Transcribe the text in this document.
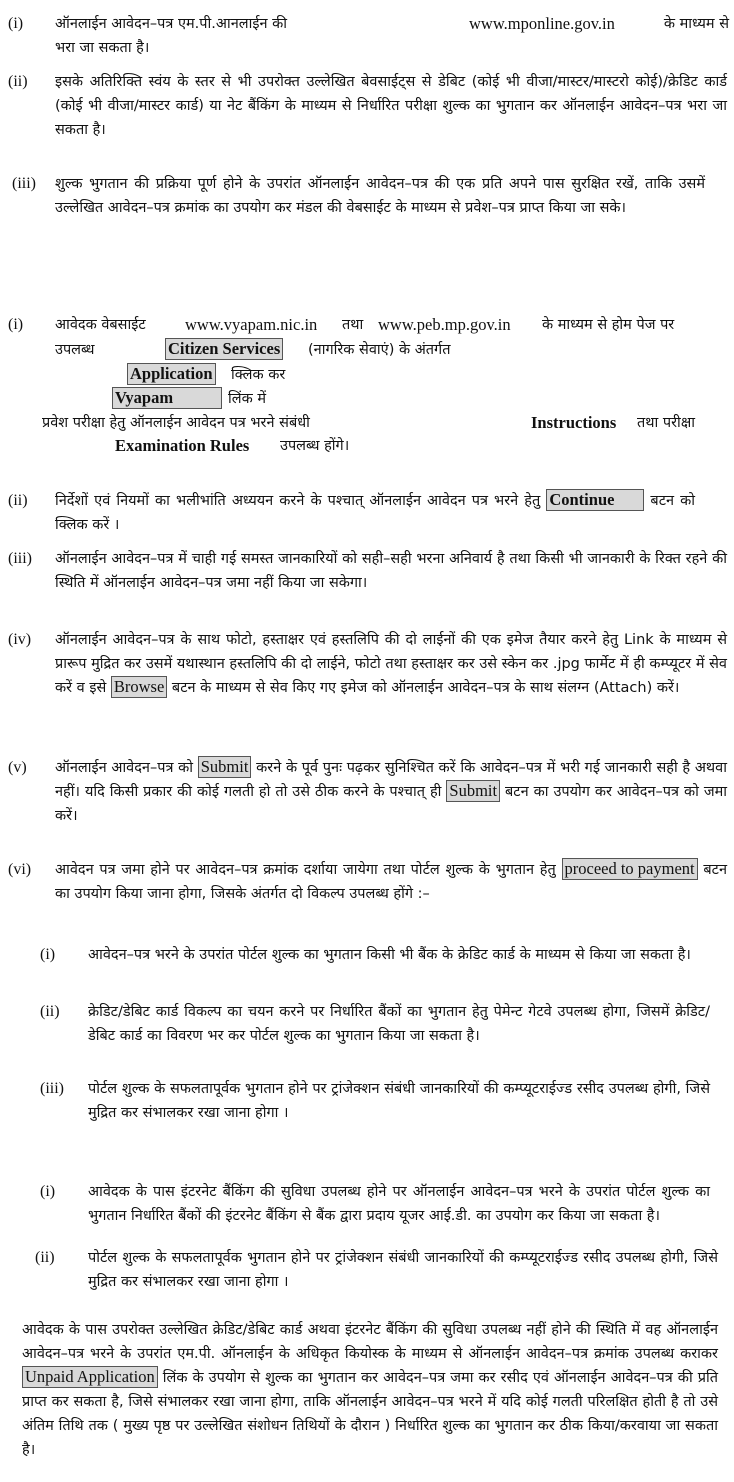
(i)	ऑनलाईन आवेदन–पत्र एम.पी.आनलाईन की	www.mponline.gov.in	के माध्यम से
भरा जा सकता है।
(ii)	इसके अतिरिक्ति स्वंय के स्तर से भी उपरोक्त उल्लेखित बेवसाईट्स से डेबिट (कोई भी वीजा/मास्टर/मास्टरो कोई)/क्रेडिट कार्ड (कोई भी वीजा/मास्टर कार्ड) या नेट बैंकिंग के माध्यम से निर्धारित परीक्षा शुल्क का भुगतान कर ऑनलाईन आवेदन–पत्र भरा जा सकता है।
(iii)	शुल्क भुगतान की प्रक्रिया पूर्ण होने के उपरांत ऑनलाईन आवेदन–पत्र की एक प्रति अपने पास सुरक्षित रखें, ताकि उसमें उल्लेखित आवेदन–पत्र क्रमांक का उपयोग कर मंडल की वेबसाईट के माध्यम से प्रवेश–पत्र प्राप्त किया जा सके।
(i)	आवेदक वेबसाईट www.vyapam.nic.in तथा www.peb.mp.gov.in के माध्यम से होम पेज पर
उपलब्ध	Citizen Services (नागरिक सेवाएं) के अंतर्गत
Application क्लिक कर
Vyapam	लिंक में
प्रवेश परीक्षा हेतु ऑनलाईन आवेदन पत्र भरने संबंधी	Instructions तथा परीक्षा
Examination Rules उपलब्ध होंगे।
(ii)	निर्देशों एवं नियमों का भलीभांति अध्ययन करने के पश्चात् ऑनलाईन आवेदन पत्र भरने हेतु Continue बटन को क्लिक करें ।
(iii)	ऑनलाईन आवेदन–पत्र में चाही गई समस्त जानकारियों को सही–सही भरना अनिवार्य है तथा किसी भी जानकारी के रिक्त रहने की स्थिति में ऑनलाईन आवेदन–पत्र जमा नहीं किया जा सकेगा।
(iv)	ऑनलाईन आवेदन–पत्र के साथ फोटो, हस्ताक्षर एवं हस्तलिपि की दो लाईनों की एक इमेज तैयार करने हेतु Link के माध्यम से प्रारूप मुद्रित कर उसमें यथास्थान हस्तलिपि की दो लाईने, फोटो तथा हस्ताक्षर कर उसे स्केन कर .jpg फार्मेट में ही कम्प्यूटर में सेव करें व इसे Browse बटन के माध्यम से सेव किए गए इमेज को ऑनलाईन आवेदन–पत्र के साथ संलग्न (Attach) करें।
(v)	ऑनलाईन आवेदन–पत्र को Submit करने के पूर्व पुनः पढ़कर सुनिश्चित करें कि आवेदन–पत्र में भरी गई जानकारी सही है अथवा नहीं। यदि किसी प्रकार की कोई गलती हो तो उसे ठीक करने के पश्चात् ही Submit बटन का उपयोग कर आवेदन–पत्र को जमा करें।
(vi)	आवेदन पत्र जमा होने पर आवेदन–पत्र क्रमांक दर्शाया जायेगा तथा पोर्टल शुल्क के भुगतान हेतु proceed to payment बटन का उपयोग किया जाना होगा, जिसके अंतर्गत दो विकल्प उपलब्ध होंगे :–
(i)	आवेदन–पत्र भरने के उपरांत पोर्टल शुल्क का भुगतान किसी भी बैंक के क्रेडिट कार्ड के माध्यम से किया जा सकता है।
(ii)	क्रेडिट/डेबिट कार्ड विकल्प का चयन करने पर निर्धारित बैंकों का भुगतान हेतु पेमेन्ट गेटवे उपलब्ध होगा, जिसमें क्रेडिट/डेबिट कार्ड का विवरण भर कर पोर्टल शुल्क का भुगतान किया जा सकता है।
(iii)	पोर्टल शुल्क के सफलतापूर्वक भुगतान होने पर ट्रांजेक्शन संबंधी जानकारियों की कम्प्यूटराईज्ड रसीद उपलब्ध होगी, जिसे मुद्रित कर संभालकर रखा जाना होगा ।
(i)	आवेदक के पास इंटरनेट बैंकिंग की सुविधा उपलब्ध होने पर ऑनलाईन आवेदन–पत्र भरने के उपरांत पोर्टल शुल्क का भुगतान निर्धारित बैंकों की इंटरनेट बैंकिंग से बैंक द्वारा प्रदाय यूजर आई.डी. का उपयोग कर किया जा सकता है।
(ii)	पोर्टल शुल्क के सफलतापूर्वक भुगतान होने पर ट्रांजेक्शन संबंधी जानकारियों की कम्प्यूटराईज्ड रसीद उपलब्ध होगी, जिसे मुद्रित कर संभालकर रखा जाना होगा ।
आवेदक के पास उपरोक्त उल्लेखित क्रेडिट/डेबिट कार्ड अथवा इंटरनेट बैंकिंग की सुविधा उपलब्ध नहीं होने की स्थिति में वह ऑनलाईन आवेदन–पत्र भरने के उपरांत एम.पी. ऑनलाईन के अधिकृत कियोस्क के माध्यम से ऑनलाईन आवेदन–पत्र क्रमांक उपलब्ध कराकर Unpaid Application लिंक के उपयोग से शुल्क का भुगतान कर आवेदन–पत्र जमा कर रसीद एवं ऑनलाईन आवेदन–पत्र की प्रति प्राप्त कर सकता है, जिसे संभालकर रखा जाना होगा, ताकि ऑनलाईन आवेदन–पत्र भरने में यदि कोई गलती परिलक्षित होती है तो उसे अंतिम तिथि तक ( मुख्य पृष्ठ पर उल्लेखित संशोधन तिथियों के दौरान ) निर्धारित शुल्क का भुगतान कर ठीक किया/करवाया जा सकता है।
